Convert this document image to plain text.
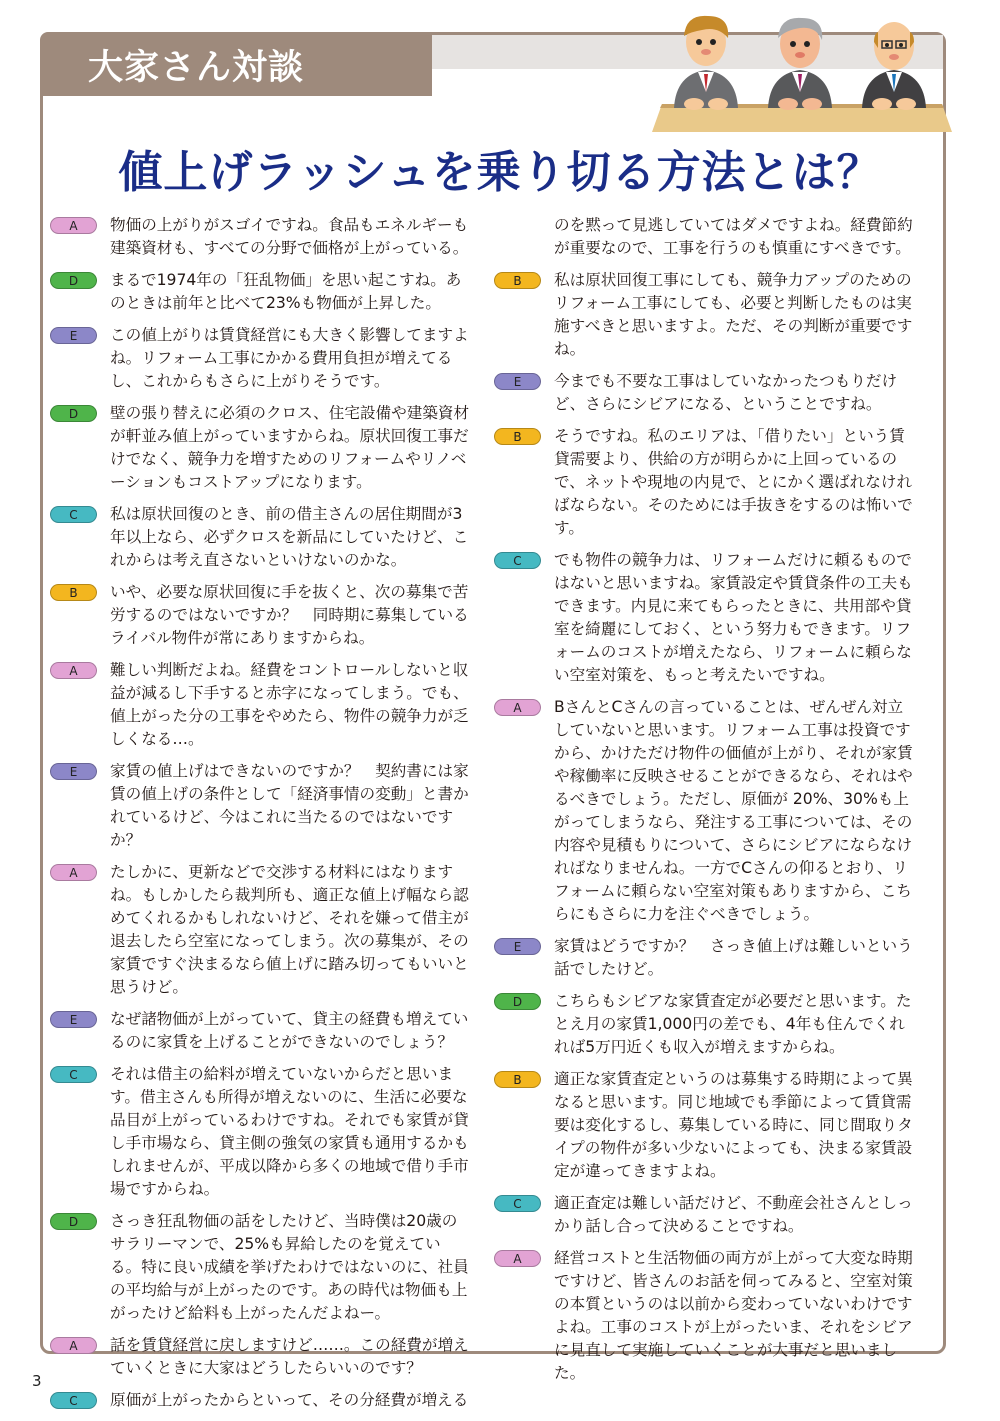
大家さん対談
値上げラッシュを乗り切る方法とは？
A	物価の上がりがスゴイですね。食品もエネルギーも建築資材も、すべての分野で価格が上がっている。
D	まるで1974年の「狂乱物価」を思い起こすね。あのときは前年と比べて23%も物価が上昇した。
E	この値上がりは賃貸経営にも大きく影響してますよね。リフォーム工事にかかる費用負担が増えてるし、これからもさらに上がりそうです。
D	壁の張り替えに必須のクロス、住宅設備や建築資材が軒並み値上がっていますからね。原状回復工事だけでなく、競争力を増すためのリフォームやリノベーションもコストアップになります。
C	私は原状回復のとき、前の借主さんの居住期間が3年以上なら、必ずクロスを新品にしていたけど、これからは考え直さないといけないのかな。
B	いや、必要な原状回復に手を抜くと、次の募集で苦労するのではないですか？　同時期に募集しているライバル物件が常にありますからね。
A	難しい判断だよね。経費をコントロールしないと収益が減るし下手すると赤字になってしまう。でも、値上がった分の工事をやめたら、物件の競争力が乏しくなる…。
E	家賃の値上げはできないのですか？　契約書には家賃の値上げの条件として「経済事情の変動」と書かれているけど、今はこれに当たるのではないですか？
A	たしかに、更新などで交渉する材料にはなりますね。もしかしたら裁判所も、適正な値上げ幅なら認めてくれるかもしれないけど、それを嫌って借主が退去したら空室になってしまう。次の募集が、その家賃ですぐ決まるなら値上げに踏み切ってもいいと思うけど。
E	なぜ諸物価が上がっていて、貸主の経費も増えているのに家賃を上げることができないのでしょう？
C	それは借主の給料が増えていないからだと思います。借主さんも所得が増えないのに、生活に必要な品目が上がっているわけですね。それでも家賃が貸し手市場なら、貸主側の強気の家賃も通用するかもしれませんが、平成以降から多くの地域で借り手市場ですからね。
D	さっき狂乱物価の話をしたけど、当時僕は20歳のサラリーマンで、25%も昇給したのを覚えている。特に良い成績を挙げたわけではないのに、社員の平均給与が上がったのです。あの時代は物価も上がったけど給料も上がったんだよねー。
A	話を賃貸経営に戻しますけど……。この経費が増えていくときに大家はどうしたらいいのです？
C	原価が上がったからといって、その分経費が増える
のを黙って見逃していてはダメですよね。経費節約が重要なので、工事を行うのも慎重にすべきです。
B	私は原状回復工事にしても、競争力アップのためのリフォーム工事にしても、必要と判断したものは実施すべきと思いますよ。ただ、その判断が重要ですね。
E	今までも不要な工事はしていなかったつもりだけど、さらにシビアになる、ということですね。
B	そうですね。私のエリアは、「借りたい」という賃貸需要より、供給の方が明らかに上回っているので、ネットや現地の内見で、とにかく選ばれなければならない。そのためには手抜きをするのは怖いです。
C	でも物件の競争力は、リフォームだけに頼るものではないと思いますね。家賃設定や賃貸条件の工夫もできます。内見に来てもらったときに、共用部や貸室を綺麗にしておく、という努力もできます。リフォームのコストが増えたなら、リフォームに頼らない空室対策を、もっと考えたいですね。
A	BさんとCさんの言っていることは、ぜんぜん対立していないと思います。リフォーム工事は投資ですから、かけただけ物件の価値が上がり、それが家賃や稼働率に反映させることができるなら、それはやるべきでしょう。ただし、原価が 20%、30%も上がってしまうなら、発注する工事については、その内容や見積もりについて、さらにシビアにならなければなりませんね。一方でCさんの仰るとおり、リフォームに頼らない空室対策もありますから、こちらにもさらに力を注ぐべきでしょう。
E	家賃はどうですか？　さっき値上げは難しいという話でしたけど。
D	こちらもシビアな家賃査定が必要だと思います。たとえ月の家賃1,000円の差でも、4年も住んでくれれば5万円近くも収入が増えますからね。
B	適正な家賃査定というのは募集する時期によって異なると思います。同じ地域でも季節によって賃貸需要は変化するし、募集している時に、同じ間取りタイプの物件が多い少ないによっても、決まる家賃設定が違ってきますよね。
C	適正査定は難しい話だけど、不動産会社さんとしっかり話し合って決めることですね。
A	経営コストと生活物価の両方が上がって大変な時期ですけど、皆さんのお話を伺ってみると、空室対策の本質というのは以前から変わっていないわけですよね。工事のコストが上がったいま、それをシビアに見直して実施していくことが大事だと思いました。
3
